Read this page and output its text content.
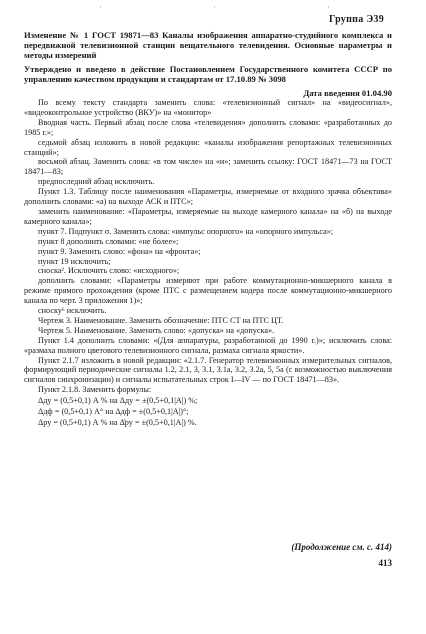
Группа Э39

Изменение № 1 ГОСТ 19871—83 Каналы изображения аппаратно-студийного комплекса и передвижной телевизионной станции вещательного телевидения. Основные параметры и методы измерений

Утверждено и введено в действие Постановлением Государственного комитета СССР по управлению качеством продукции и стандартам от 17.10.89 № 3098

Дата введения 01.04.90

По всему тексту стандарта заменить слова: «телевизионный сигнал» на «видеосигнал», «видеоконтрольное устройство (ВКУ)» на «монитор»

Вводная часть. Первый абзац после слова «телевидения» дополнить словами: «разработанных до 1985 г.»;

седьмой абзац изложить в новой редакции: «каналы изображения репортажных телевизионных станций»;

восьмой абзац. Заменить слова: «в том числе» на «и»; заменить ссылку: ГОСТ 18471—73 на ГОСТ 18471—83;

предпоследний абзац исключить.

Пункт 1.3. Таблицу после наименования «Параметры, измеряемые от входного зрачка объектива» дополнить словами: «а) на выходе АСК и ПТС»;

заменить наименование: «Параметры, измеряемые на выходе камерного канала» на «б) на выходе камерного канала»;

пункт 7. Подпункт σ. Заменить слова: «импульс опорного» на «опорного импульса»;

пункт 8 дополнить словами: «не более»;

пункт 9. Заменить слово: «фона» на «фронта»;

пункт 19 исключить;

сноска². Исключить слово: «исходного»;

дополнить словами: «Параметры измеряют при работе коммутационно-микшерного канала в режиме прямого прохождения (кроме ПТС с размещением кодера после коммутационно-микшерного канала по черт. 3 приложения 1)»;

сноску⁶ исключить.

Чертеж 3. Наименование. Заменить обозначение: ПТС СТ на ПТС ЦТ.

Чертеж 5. Наименование. Заменить слово: «допуска» на «допуска».

Пункт 1.4 дополнить словами: «(Для аппаратуры, разработанной до 1990 г.)»; исключить слова: «размаха полного цветового телевизионного сигнала, размаха сигнала яркости».

Пункт 2.1.7 изложить в новой редакции: «2.1.7. Генератор телевизионных измерительных сигналов, формирующий периодические сигналы 1.2, 2.1, 3, 3.1, 3.1а, 3.2, 3.2а, 5, 5а (с возможностью выключения сигналов синхронизации) и сигналы испытательных строк I—IV — по ГОСТ 18471—83».

Пункт 2.1.8. Заменить формулы:

Δду = (0,5+0,1) А % на Δду = ±(0,5+0,1|А|) %;

Δдф = (0,5+0,1) А° на Δдф = ±(0,5+0,1|А|)°;

Δру = (0,5+0,1) А % на Δ͂ру = ±(0,5+0,1|А|) %.

(Продолжение см. с. 414)
413
